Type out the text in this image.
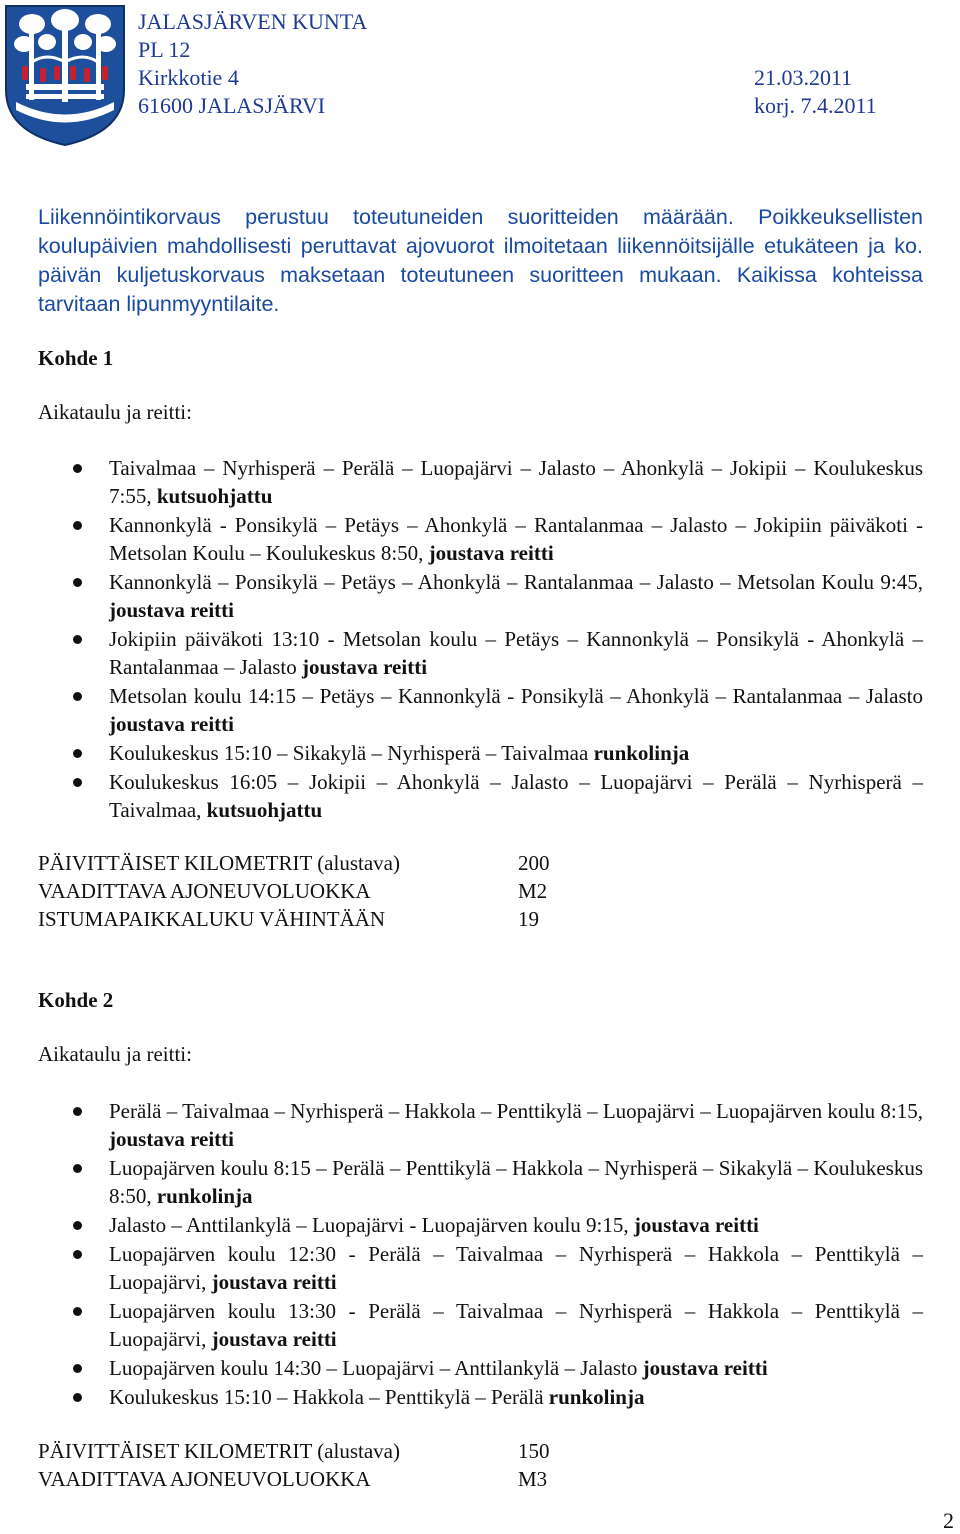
JALASJÄRVEN KUNTA
PL 12
Kirkkotie 4
61600 JALASJÄRVI
21.03.2011
korj. 7.4.2011
Liikennöintikorvaus perustuu toteutuneiden suoritteiden määrään. Poikkeuksellisten koulupäivien mahdollisesti peruttavat ajovuorot ilmoitetaan liikennöitsijälle etukäteen ja ko. päivän kuljetuskorvaus maksetaan toteutuneen suoritteen mukaan. Kaikissa kohteissa tarvitaan lipunmyyntilaite.
Kohde 1
Aikataulu ja reitti:
Taivalmaa – Nyrhisperä – Perälä – Luopajärvi – Jalasto – Ahonkylä – Jokipii – Koulukeskus 7:55, kutsuohjattu
Kannonkylä - Ponsikylä – Petäys – Ahonkylä – Rantalanmaa – Jalasto – Jokipiin päiväkoti - Metsolan Koulu – Koulukeskus 8:50, joustava reitti
Kannonkylä – Ponsikylä – Petäys – Ahonkylä – Rantalanmaa – Jalasto – Metsolan Koulu 9:45, joustava reitti
Jokipiin päiväkoti 13:10 - Metsolan koulu – Petäys – Kannonkylä – Ponsikylä - Ahonkylä – Rantalanmaa – Jalasto joustava reitti
Metsolan koulu 14:15 – Petäys – Kannonkylä - Ponsikylä – Ahonkylä – Rantalanmaa – Jalasto joustava reitti
Koulukeskus 15:10 – Sikakylä – Nyrhisperä – Taivalmaa runkolinja
Koulukeskus 16:05 – Jokipii – Ahonkylä – Jalasto – Luopajärvi – Perälä – Nyrhisperä – Taivalmaa, kutsuohjattu
PÄIVITTÄISET KILOMETRIT (alustava)	200
VAADITTAVA AJONEUVOLUOKKA	M2
ISTUMAPAIKKALUKU VÄHINTÄÄN	19
Kohde 2
Aikataulu ja reitti:
Perälä – Taivalmaa – Nyrhisperä – Hakkola – Penttikylä – Luopajärvi – Luopajärven koulu 8:15, joustava reitti
Luopajärven koulu 8:15 – Perälä – Penttikylä – Hakkola – Nyrhisperä – Sikakylä – Koulukeskus 8:50, runkolinja
Jalasto – Anttilankylä – Luopajärvi - Luopajärven koulu 9:15, joustava reitti
Luopajärven koulu 12:30 - Perälä – Taivalmaa – Nyrhisperä – Hakkola – Penttikylä – Luopajärvi, joustava reitti
Luopajärven koulu 13:30 - Perälä – Taivalmaa – Nyrhisperä – Hakkola – Penttikylä – Luopajärvi, joustava reitti
Luopajärven koulu 14:30 – Luopajärvi – Anttilankylä – Jalasto joustava reitti
Koulukeskus 15:10 – Hakkola – Penttikylä – Perälä runkolinja
PÄIVITTÄISET KILOMETRIT (alustava)	150
VAADITTAVA AJONEUVOLUOKKA	M3
2
